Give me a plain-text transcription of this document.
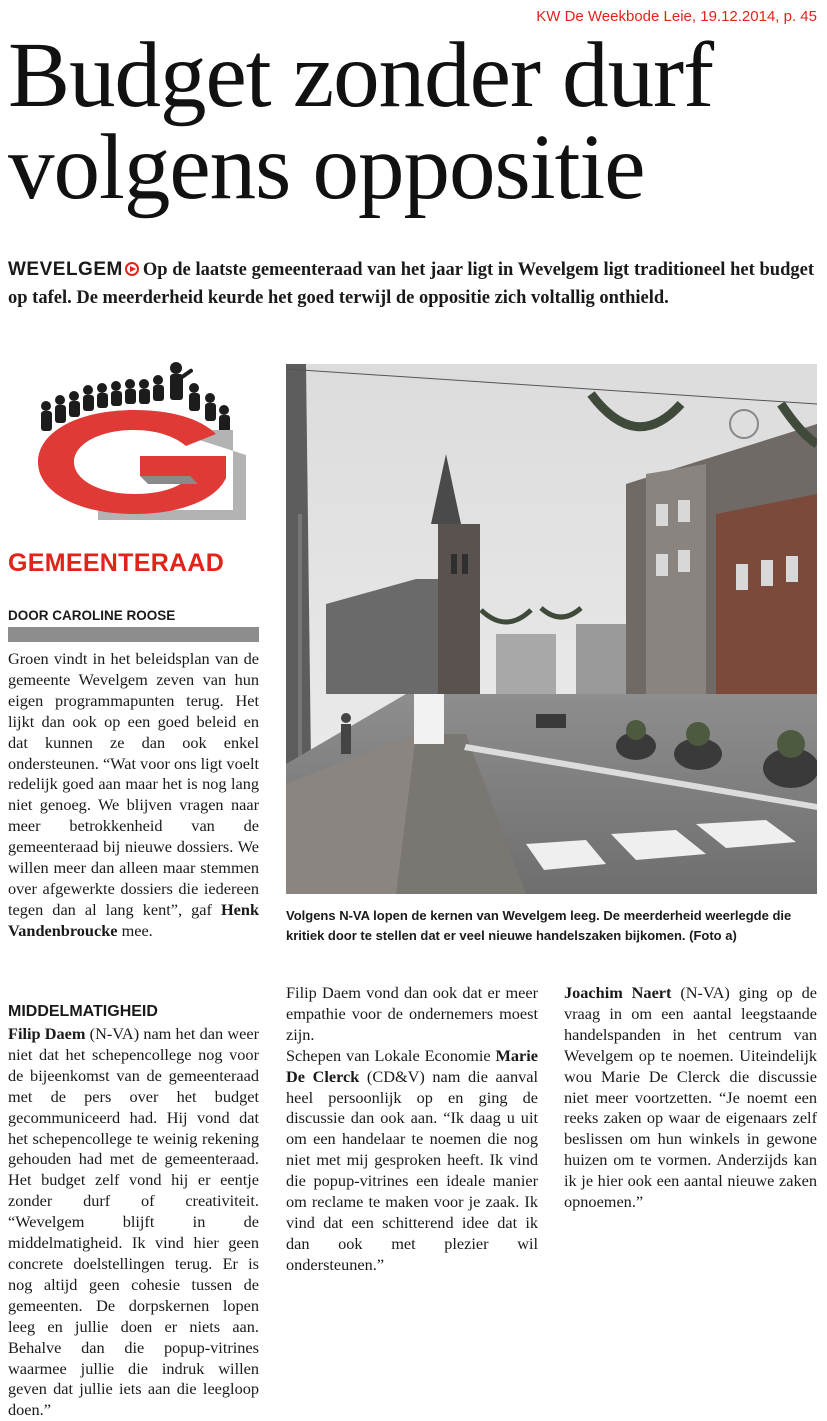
KW De Weekbode Leie, 19.12.2014, p. 45
Budget zonder durf volgens oppositie
WEVELGEM Op de laatste gemeenteraad van het jaar ligt in Wevelgem ligt traditioneel het budget op tafel. De meerderheid keurde het goed terwijl de oppositie zich voltallig onthield.
GEMEENTERAAD
DOOR CAROLINE ROOSE

Groen vindt in het beleidsplan van de gemeente Wevelgem zeven van hun eigen programmapunten terug. Het lijkt dan ook op een goed beleid en dat kunnen ze dan ook enkel ondersteunen. “Wat voor ons ligt voelt redelijk goed aan maar het is nog lang niet genoeg. We blijven vragen naar meer betrokkenheid van de gemeenteraad bij nieuwe dossiers. We willen meer dan alleen maar stemmen over afgewerkte dossiers die iedereen tegen dan al lang kent”, gaf Henk Vandenbroucke mee.

MIDDELMATIGHEID

Filip Daem (N-VA) nam het dan weer niet dat het schepencollege nog voor de bijeenkomst van de gemeenteraad met de pers over het budget gecommuniceerd had. Hij vond dat het schepencollege te weinig rekening gehouden had met de gemeenteraad. Het budget zelf vond hij er eentje zonder durf of creativiteit. “Wevelgem blijft in de middelmatigheid. Ik vind hier geen concrete doelstellingen terug. Er is nog altijd geen cohesie tussen de gemeenten. De dorpskernen lopen leeg en jullie doen er niets aan. Behalve dan die popup-vitrines waarmee jullie die indruk willen geven dat jullie iets aan die leegloop doen.”

Volgens N-VA lopen de kernen van Wevelgem leeg. De meerderheid weerlegde die kritiek door te stellen dat er veel nieuwe handelszaken bijkomen. (Foto a)

Filip Daem vond dan ook dat er meer empathie voor de ondernemers moest zijn.

Schepen van Lokale Economie Marie De Clerck (CD&V) nam die aanval heel persoonlijk op en ging de discussie dan ook aan. “Ik daag u uit om een handelaar te noemen die nog niet met mij gesproken heeft. Ik vind die popup-vitrines een ideale manier om reclame te maken voor je zaak. Ik vind dat een schitterend idee dat ik dan ook met plezier wil ondersteunen.”

Joachim Naert (N-VA) ging op de vraag in om een aantal leegstaande handelspanden in het centrum van Wevelgem op te noemen. Uiteindelijk wou Marie De Clerck die discussie niet meer voortzetten. “Je noemt een reeks zaken op waar de eigenaars zelf beslissen om hun winkels in gewone huizen om te vormen. Anderzijds kan ik je hier ook een aantal nieuwe zaken opnoemen.”
